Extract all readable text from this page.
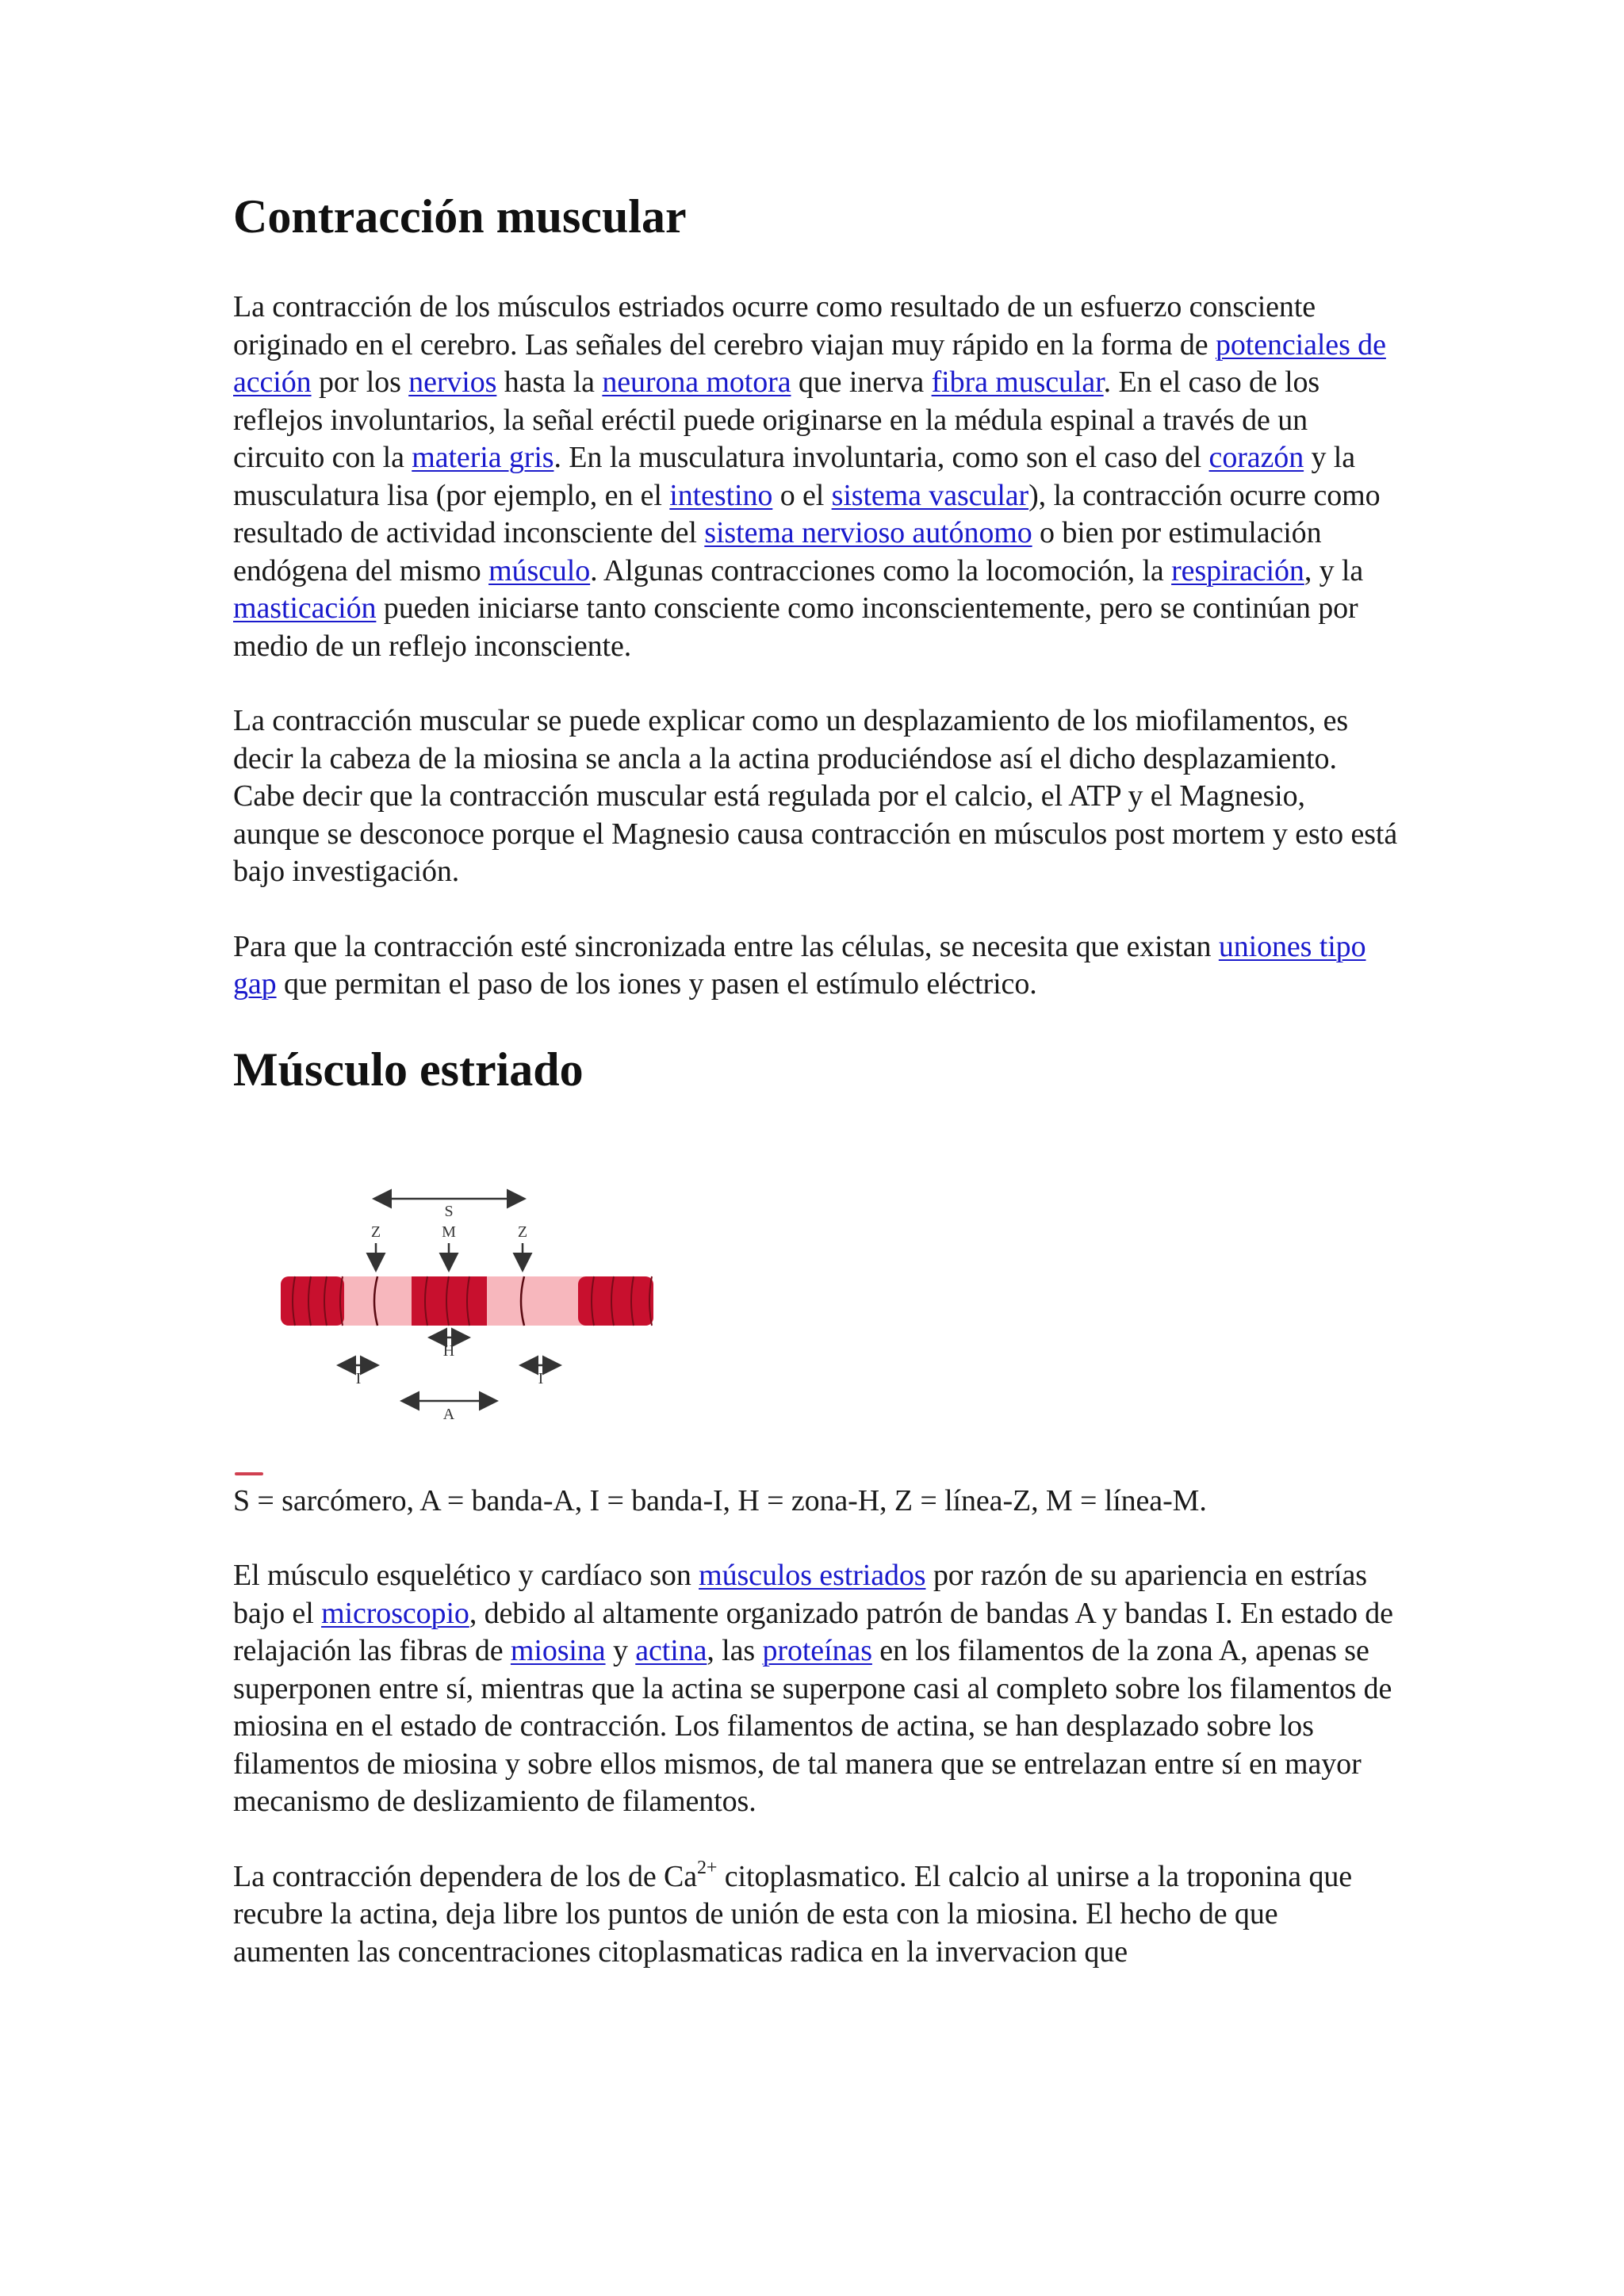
Contracción muscular

La contracción de los músculos estriados ocurre como resultado de un esfuerzo consciente originado en el cerebro. Las señales del cerebro viajan muy rápido en la forma de potenciales de acción por los nervios hasta la neurona motora que inerva fibra muscular. En el caso de los reflejos involuntarios, la señal eréctil puede originarse en la médula espinal a través de un circuito con la materia gris. En la musculatura involuntaria, como son el caso del corazón y la musculatura lisa (por ejemplo, en el intestino o el sistema vascular), la contracción ocurre como resultado de actividad inconsciente del sistema nervioso autónomo o bien por estimulación endógena del mismo músculo. Algunas contracciones como la locomoción, la respiración, y la masticación pueden iniciarse tanto consciente como inconscientemente, pero se continúan por medio de un reflejo inconsciente.

La contracción muscular se puede explicar como un desplazamiento de los miofilamentos, es decir la cabeza de la miosina se ancla a la actina produciéndose así el dicho desplazamiento. Cabe decir que la contracción muscular está regulada por el calcio, el ATP y el Magnesio, aunque se desconoce porque el Magnesio causa contracción en músculos post mortem y esto está bajo investigación.

Para que la contracción esté sincronizada entre las células, se necesita que existan uniones tipo gap que permitan el paso de los iones y pasen el estímulo eléctrico.

Músculo estriado
S
Z	M	Z
H
I	I
A

S = sarcómero, A = banda-A, I = banda-I, H = zona-H, Z = línea-Z, M = línea-M.

El músculo esquelético y cardíaco son músculos estriados por razón de su apariencia en estrías bajo el microscopio, debido al altamente organizado patrón de bandas A y bandas I. En estado de relajación las fibras de miosina y actina, las proteínas en los filamentos de la zona A, apenas se superponen entre sí, mientras que la actina se superpone casi al completo sobre los filamentos de miosina en el estado de contracción. Los filamentos de actina, se han desplazado sobre los filamentos de miosina y sobre ellos mismos, de tal manera que se entrelazan entre sí en mayor mecanismo de deslizamiento de filamentos.

La contracción dependera de los de $Ca^{2+}$ citoplasmatico. El calcio al unirse a la troponina que recubre la actina, deja libre los puntos de unión de esta con la miosina. El hecho de que aumenten las concentraciones citoplasmaticas radica en la invervacion que
